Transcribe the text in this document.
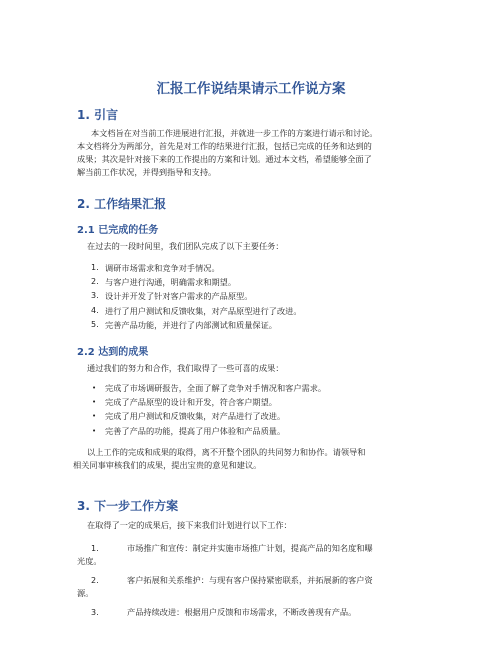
汇报工作说结果请示工作说方案
1. 引言
本文档旨在对当前工作进展进行汇报，并就进一步工作的方案进行请示和讨论。
本文档将分为两部分，首先是对工作的结果进行汇报，包括已完成的任务和达到的
成果；其次是针对接下来的工作提出的方案和计划。通过本文档，希望能够全面了
解当前工作状况，并得到指导和支持。
2. 工作结果汇报
2.1 已完成的任务
在过去的一段时间里，我们团队完成了以下主要任务：
1. 调研市场需求和竞争对手情况。
2. 与客户进行沟通，明确需求和期望。
3. 设计并开发了针对客户需求的产品原型。
4. 进行了用户测试和反馈收集，对产品原型进行了改进。
5. 完善产品功能，并进行了内部测试和质量保证。
2.2 达到的成果
通过我们的努力和合作，我们取得了一些可喜的成果：
• 完成了市场调研报告，全面了解了竞争对手情况和客户需求。
• 完成了产品原型的设计和开发，符合客户期望。
• 完成了用户测试和反馈收集，对产品进行了改进。
• 完善了产品的功能，提高了用户体验和产品质量。
以上工作的完成和成果的取得，离不开整个团队的共同努力和协作。请领导和
相关同事审核我们的成果，提出宝贵的意见和建议。
3. 下一步工作方案
在取得了一定的成果后，接下来我们计划进行以下工作：
1.	市场推广和宣传：制定并实施市场推广计划，提高产品的知名度和曝
光度。
2.	客户拓展和关系维护：与现有客户保持紧密联系，并拓展新的客户资
源。
3.	产品持续改进：根据用户反馈和市场需求，不断改善现有产品。
